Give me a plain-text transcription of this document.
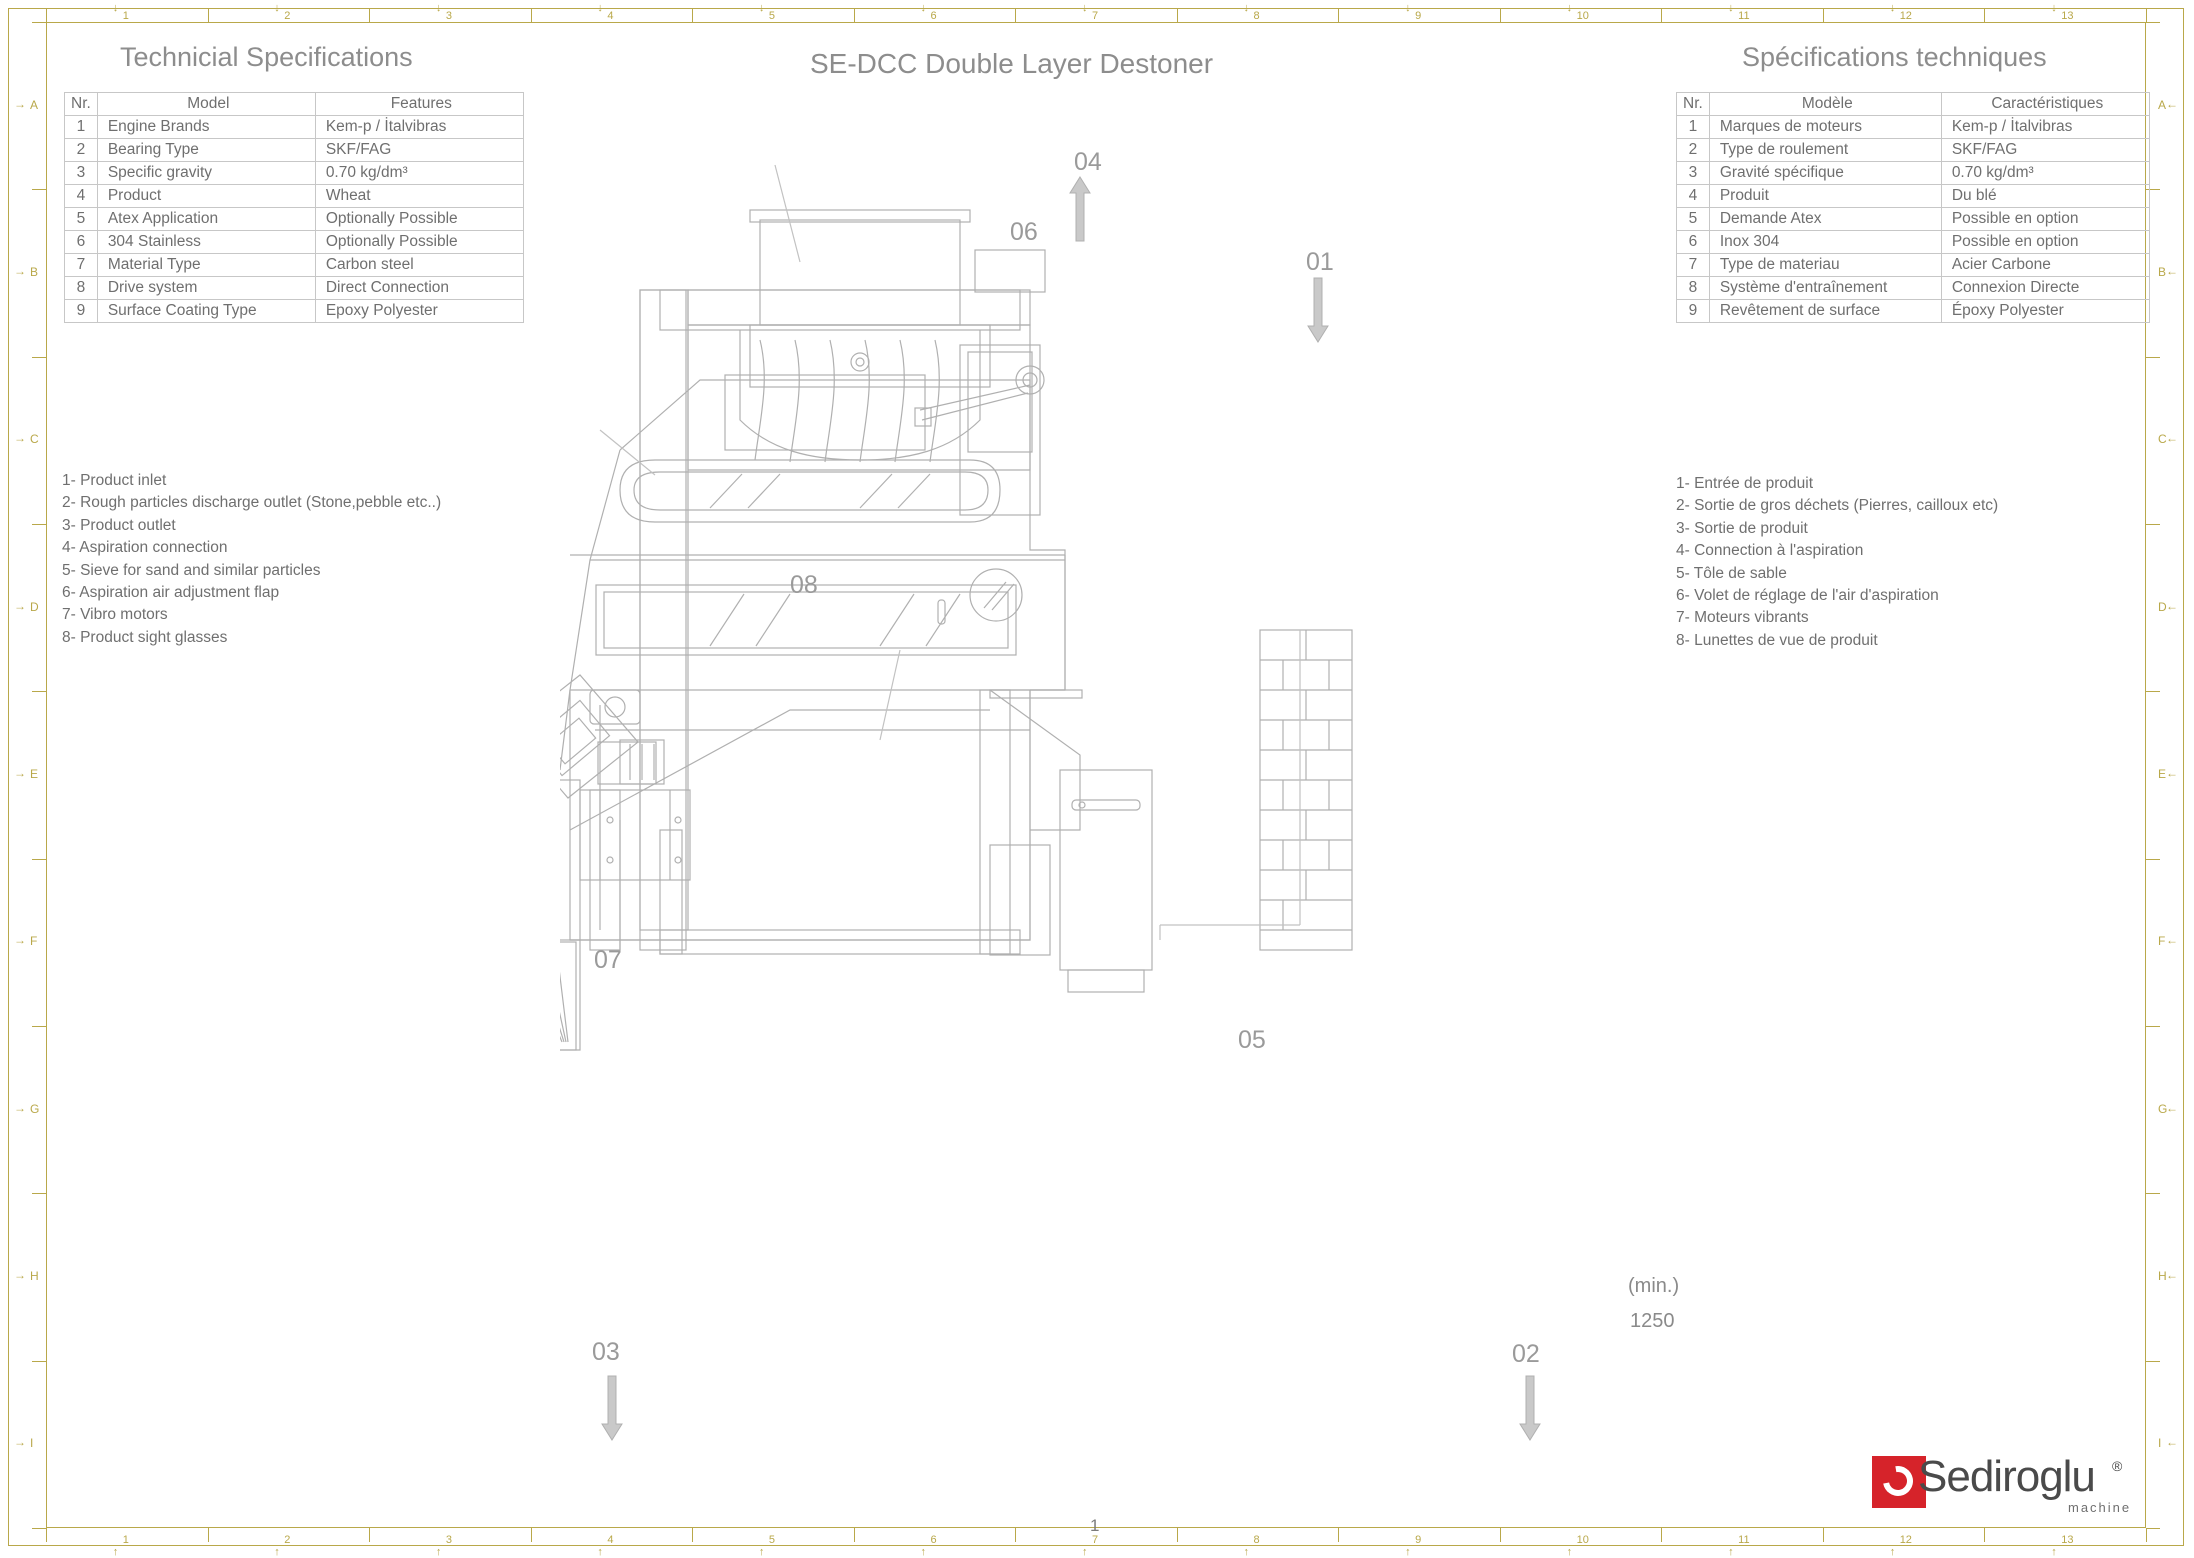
1
1
↓
↑
2
2
↓
↑
3
3
↓
↑
4
4
↓
↑
5
5
↓
↑
6
6
↓
↑
7
7
↓
↑
8
8
↓
↑
9
9
↓
↑
10
10
↓
↑
11
11
↓
↑
12
12
↓
↑
13
13
↓
↑
A	A
→	←
B	B
→	←
C	C
→	←
D	D
→	←
E	E
→	←
F	F
→	←
G	G
→	←
H	H
→	←
I	I
→	←
Technicial Specifications	SE-DCC Double Layer Destoner	Spécifications techniques
Nr.	Model	Features
1	Engine Brands	Kem-p / İtalvibras
2	Bearing Type	SKF/FAG
3	Specific gravity	0.70 kg/dm³
4	Product	Wheat
5	Atex Application	Optionally Possible
6	304 Stainless	Optionally Possible
7	Material Type	Carbon steel
8	Drive system	Direct Connection
9	Surface Coating Type	Epoxy Polyester
Nr.	Modèle	Caractéristiques
1	Marques de moteurs	Kem-p / İtalvibras
2	Type de roulement	SKF/FAG
3	Gravité spécifique	0.70 kg/dm³
4	Produit	Du blé
5	Demande Atex	Possible en option
6	Inox 304	Possible en option
7	Type de materiau	Acier Carbone
8	Système d'entraînement	Connexion Directe
9	Revêtement de surface	Époxy Polyester
1- Product inlet
2- Rough particles discharge outlet (Stone,pebble etc..)
3- Product outlet
4- Aspiration connection
5- Sieve for sand and similar particles
6- Aspiration air adjustment flap
7- Vibro motors
8- Product sight glasses
1- Entrée de produit
2- Sortie de gros déchets (Pierres, cailloux etc)
3- Sortie de produit
4- Connection à l'aspiration
5- Tôle de sable
6- Volet de réglage de l'air d'aspiration
7- Moteurs vibrants
8- Lunettes de vue de produit
04
06
01
08
05
07
03	02
(min.)
1250
1
Sediroglu ®
machine
